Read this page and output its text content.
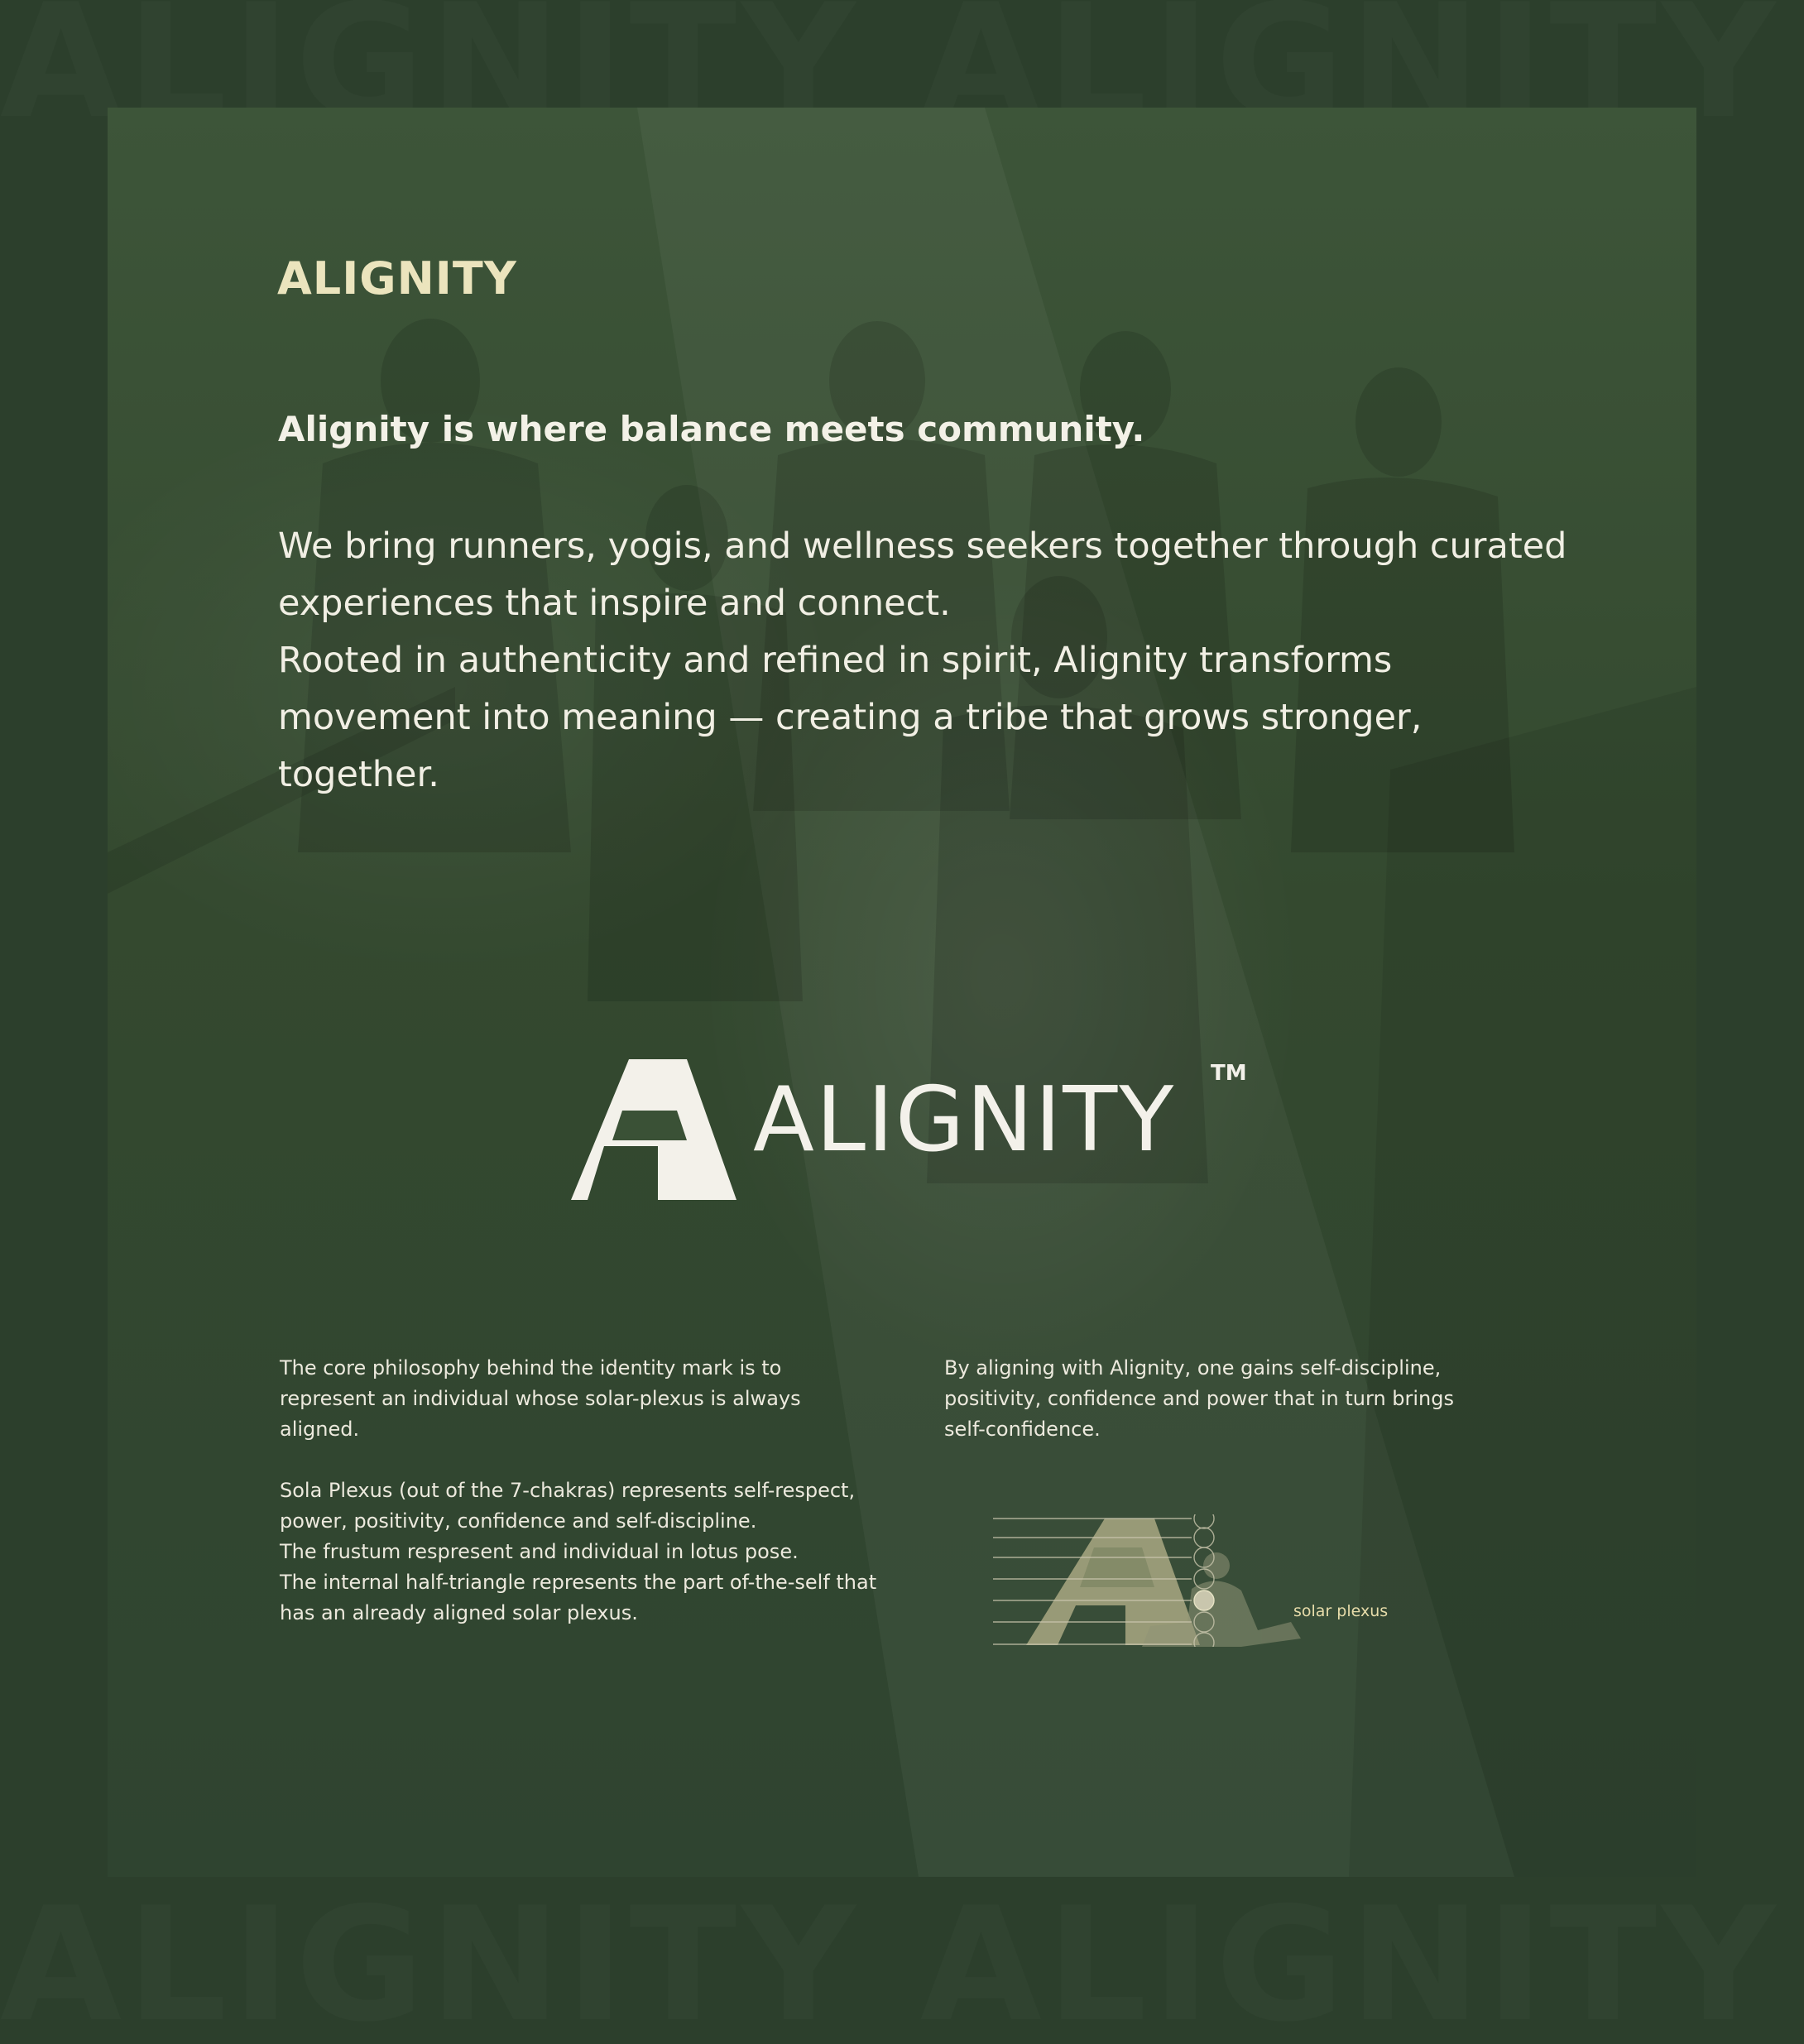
ALIGNITY
Alignity is where balance meets community.

We bring runners, yogis, and wellness seekers together through curated

experiences that inspire and connect.

Rooted in authenticity and refined in spirit, Alignity transforms

movement into meaning — creating a tribe that grows stronger, together.

ALIGNITY TM

The core philosophy behind the identity mark is to

represent an individual whose solar-plexus is always

aligned.

Sola Plexus (out of the 7-chakras) represents self-respect,

power, positivity, confidence and self-discipline.

The frustum respresent and individual in lotus pose.

The internal half-triangle represents the part of-the-self that

has an already aligned solar plexus.

By aligning with Alignity, one gains self-discipline,

positivity, confidence and power that in turn brings

self-confidence.

solar plexus
